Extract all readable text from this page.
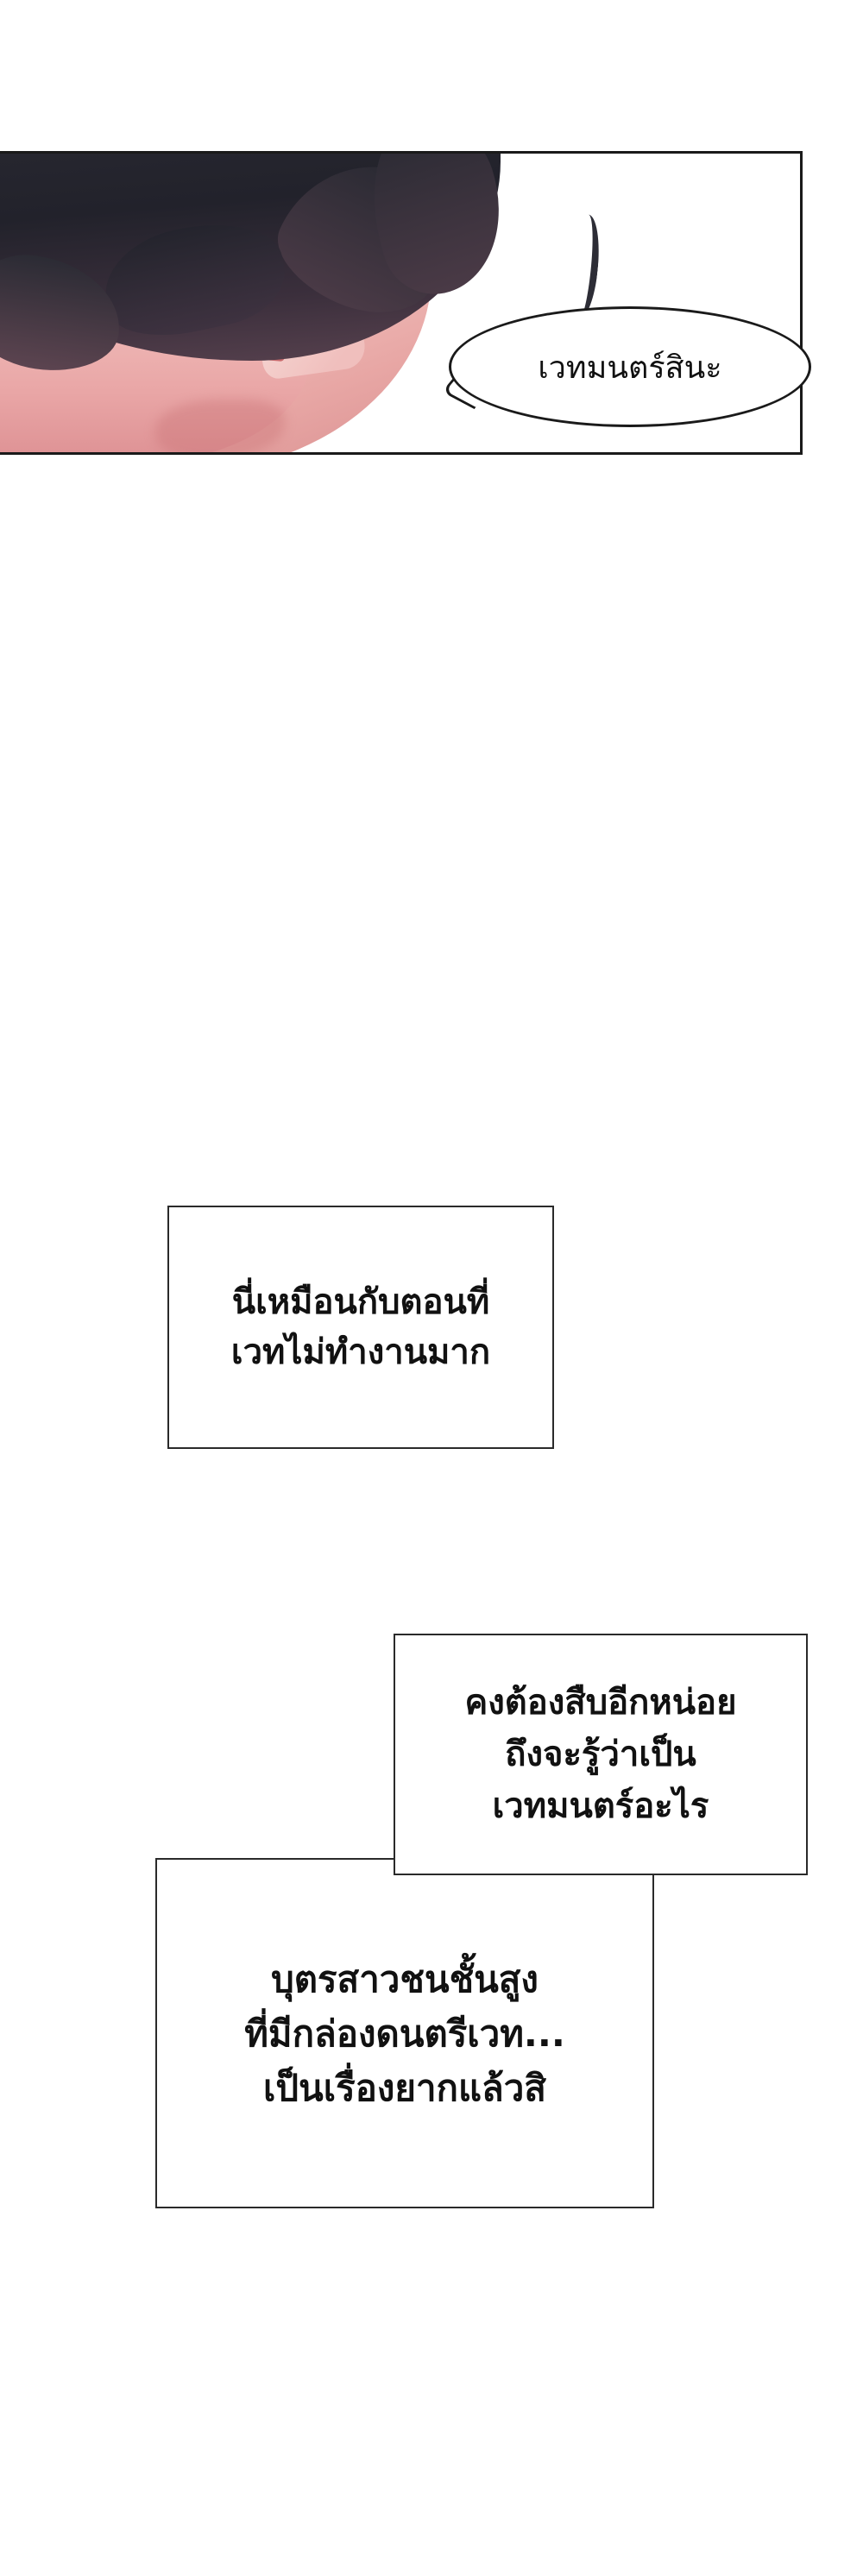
เวทมนตร์สินะ
นี่เหมือนกับตอนที่
เวทไม่ทำงานมาก
คงต้องสืบอีกหน่อย
ถึงจะรู้ว่าเป็น
เวทมนตร์อะไร
บุตรสาวชนชั้นสูง
ที่มีกล่องดนตรีเวท...
เป็นเรื่องยากแล้วสิ
